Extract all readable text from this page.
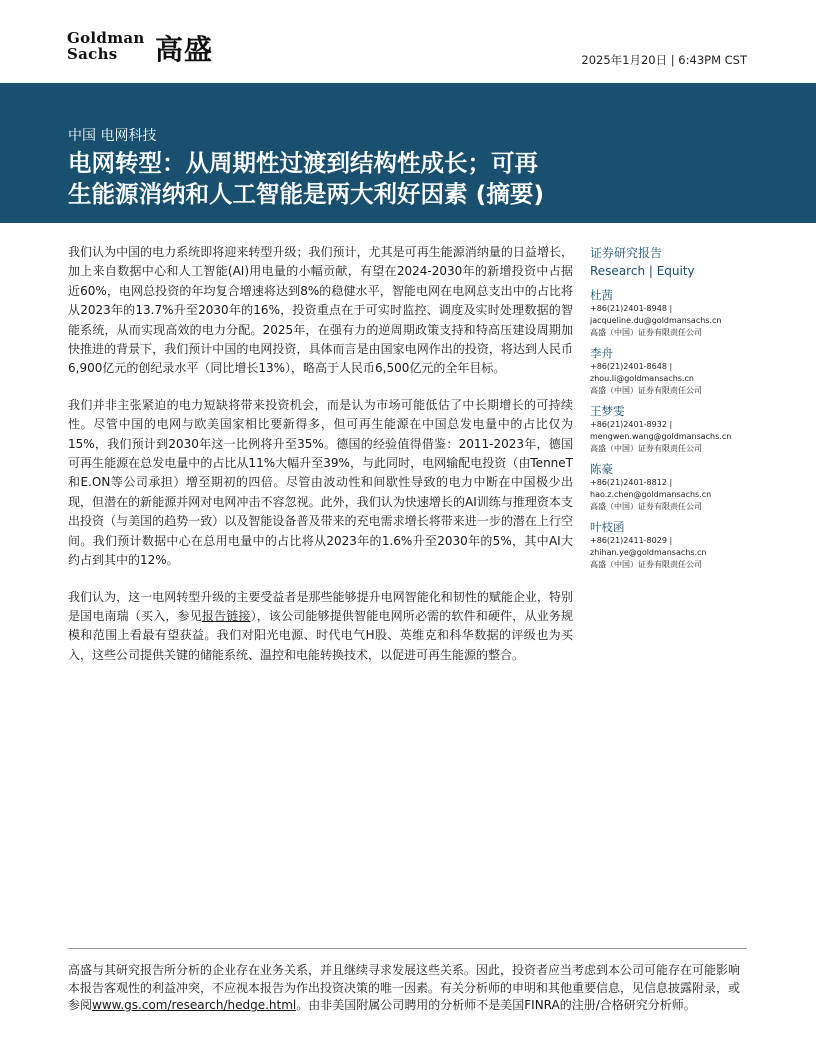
Goldman
Sachs	高盛	2025年1月20日 | 6:43PM CST
中国 电网科技
电网转型：从周期性过渡到结构性成长；可再
生能源消纳和人工智能是两大利好因素 (摘要)

我们认为中国的电力系统即将迎来转型升级；我们预计，尤其是可再生能源消纳量的日益增长，加上来自数据中心和人工智能(AI)用电量的小幅贡献，有望在2024-2030年的新增投资中占据近60%，电网总投资的年均复合增速将达到8%的稳健水平，智能电网在电网总支出中的占比将从2023年的13.7%升至2030年的16%，投资重点在于可实时监控、调度及实时处理数据的智能系统，从而实现高效的电力分配。2025年，在强有力的逆周期政策支持和特高压建设周期加快推进的背景下，我们预计中国的电网投资，具体而言是由国家电网作出的投资，将达到人民币6,900亿元的创纪录水平（同比增长13%），略高于人民币6,500亿元的全年目标。

我们并非主张紧迫的电力短缺将带来投资机会，而是认为市场可能低估了中长期增长的可持续性。尽管中国的电网与欧美国家相比要新得多，但可再生能源在中国总发电量中的占比仅为15%，我们预计到2030年这一比例将升至35%。德国的经验值得借鉴：2011-2023年，德国可再生能源在总发电量中的占比从11%大幅升至39%，与此同时，电网输配电投资（由TenneT和E.ON等公司承担）增至期初的四倍。尽管由波动性和间歇性导致的电力中断在中国极少出现，但潜在的新能源并网对电网冲击不容忽视。此外，我们认为快速增长的AI训练与推理资本支出投资（与美国的趋势一致）以及智能设备普及带来的充电需求增长将带来进一步的潜在上行空间。我们预计数据中心在总用电量中的占比将从2023年的1.6%升至2030年的5%，其中AI大约占到其中的12%。

我们认为，这一电网转型升级的主要受益者是那些能够提升电网智能化和韧性的赋能企业，特别是国电南瑞（买入，参见报告链接），该公司能够提供智能电网所必需的软件和硬件，从业务规模和范围上看最有望获益。我们对阳光电源、时代电气H股、英维克和科华数据的评级也为买入，这些公司提供关键的储能系统、温控和电能转换技术，以促进可再生能源的整合。

证券研究报告
Research | Equity
杜茜
+86(21)2401-8948 |
jacqueline.du@goldmansachs.cn
高盛（中国）证券有限责任公司
李舟
+86(21)2401-8648 |
zhou.li@goldmansachs.cn
高盛（中国）证券有限责任公司
王梦雯
+86(21)2401-8932 |
mengwen.wang@goldmansachs.cn
高盛（中国）证券有限责任公司
陈豪
+86(21)2401-8812 |
hao.z.chen@goldmansachs.cn
高盛（中国）证券有限责任公司
叶枝函
+86(21)2411-8029 |
zhihan.ye@goldmansachs.cn
高盛（中国）证券有限责任公司
高盛与其研究报告所分析的企业存在业务关系，并且继续寻求发展这些关系。因此，投资者应当考虑到本公司可能存在可能影响本报告客观性的利益冲突，不应视本报告为作出投资决策的唯一因素。有关分析师的申明和其他重要信息，见信息披露附录，或参阅www.gs.com/research/hedge.html。由非美国附属公司聘用的分析师不是美国FINRA的注册/合格研究分析师。
